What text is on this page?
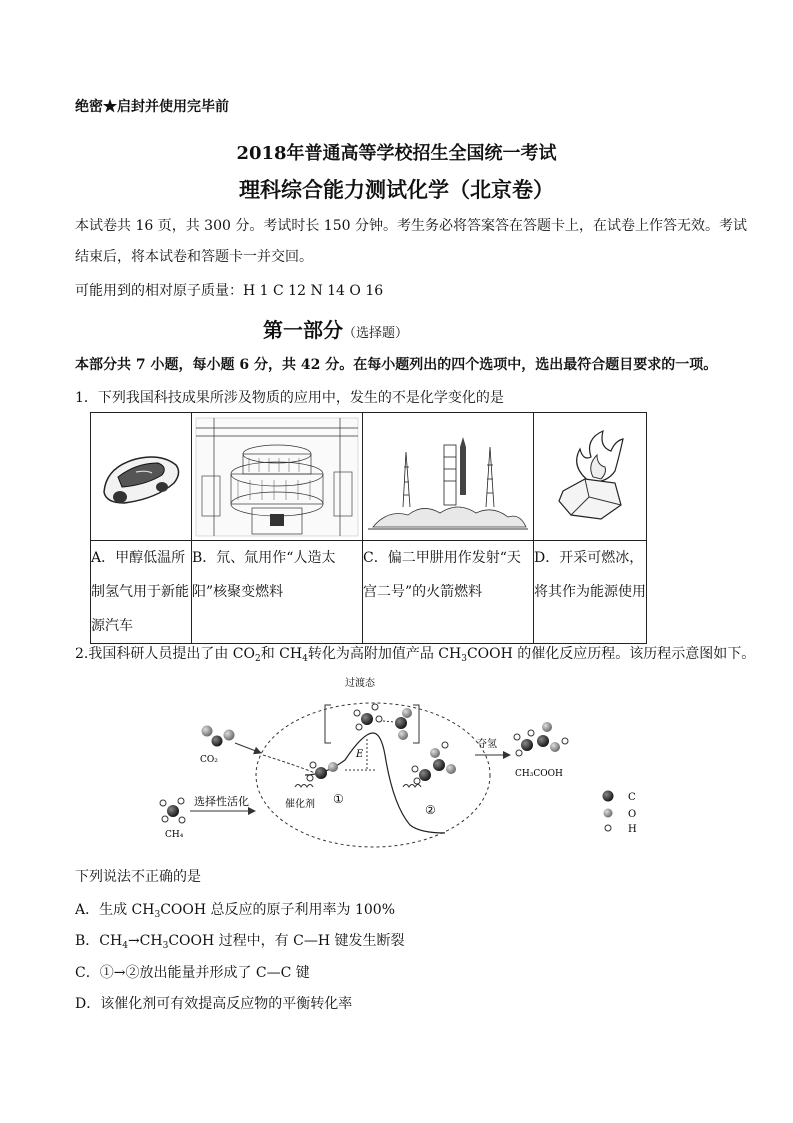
绝密★启封并使用完毕前
2018年普通高等学校招生全国统一考试
理科综合能力测试化学（北京卷）
本试卷共 16 页，共 300 分。考试时长 150 分钟。考生务必将答案答在答题卡上，在试卷上作答无效。考试
结束后，将本试卷和答题卡一并交回。
可能用到的相对原子质量：H 1 C 12 N 14 O 16
第一部分（选择题）
本部分共 7 小题，每小题 6 分，共 42 分。在每小题列出的四个选项中，选出最符合题目要求的一项。
1．下列我国科技成果所涉及物质的应用中，发生的不是化学变化的是

A．甲醇低温所制氢气用于新能源汽车	B．氘、氚用作“人造太阳”核聚变燃料	C．偏二甲肼用作发射“天宫二号”的火箭燃料	D．开采可燃冰，将其作为能源使用
2.我国科研人员提出了由 $CO_2$和 $CH_4$转化为高附加值产品 $CH_3COOH$ 的催化反应历程。该历程示意图如下。
CO₂
CH₄
选择性活化
E
催化剂 ①
过渡态
②
夺氢
CH₃COOH
C
O
H
下列说法不正确的是
A．生成 $CH_3COOH$ 总反应的原子利用率为 100%
B．$CH_4\to CH_3COOH$ 过程中，有 C—H 键发生断裂
C．①→②放出能量并形成了 C—C 键
D．该催化剂可有效提高反应物的平衡转化率
